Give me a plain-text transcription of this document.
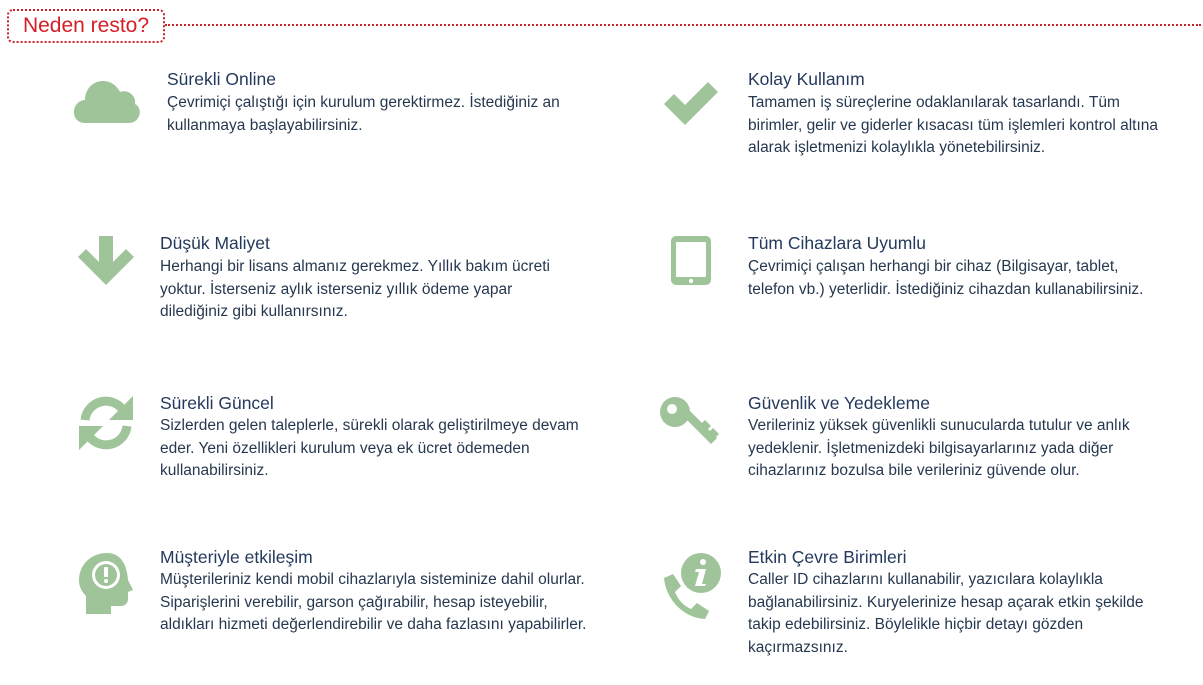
Neden resto?
Sürekli Online
Çevrimiçi çalıştığı için kurulum gerektirmez. İstediğiniz an kullanmaya başlayabilirsiniz.
Kolay Kullanım
Tamamen iş süreçlerine odaklanılarak tasarlandı. Tüm birimler, gelir ve giderler kısacası tüm işlemleri kontrol altına alarak işletmenizi kolaylıkla yönetebilirsiniz.
Düşük Maliyet
Herhangi bir lisans almanız gerekmez. Yıllık bakım ücreti yoktur. İsterseniz aylık isterseniz yıllık ödeme yapar dilediğiniz gibi kullanırsınız.
Tüm Cihazlara Uyumlu
Çevrimiçi çalışan herhangi bir cihaz (Bilgisayar, tablet, telefon vb.) yeterlidir. İstediğiniz cihazdan kullanabilirsiniz.
Sürekli Güncel
Sizlerden gelen taleplerle, sürekli olarak geliştirilmeye devam eder. Yeni özellikleri kurulum veya ek ücret ödemeden kullanabilirsiniz.
Güvenlik ve Yedekleme
Verileriniz yüksek güvenlikli sunucularda tutulur ve anlık yedeklenir. İşletmenizdeki bilgisayarlarınız yada diğer cihazlarınız bozulsa bile verileriniz güvende olur.
Müşteriyle etkileşim
Müşterileriniz kendi mobil cihazlarıyla sisteminize dahil olurlar. Siparişlerini verebilir, garson çağırabilir, hesap isteyebilir, aldıkları hizmeti değerlendirebilir ve daha fazlasını yapabilirler.
Etkin Çevre Birimleri
Caller ID cihazlarını kullanabilir, yazıcılara kolaylıkla bağlanabilirsiniz. Kuryelerinize hesap açarak etkin şekilde takip edebilirsiniz. Böylelikle hiçbir detayı gözden kaçırmazsınız.
